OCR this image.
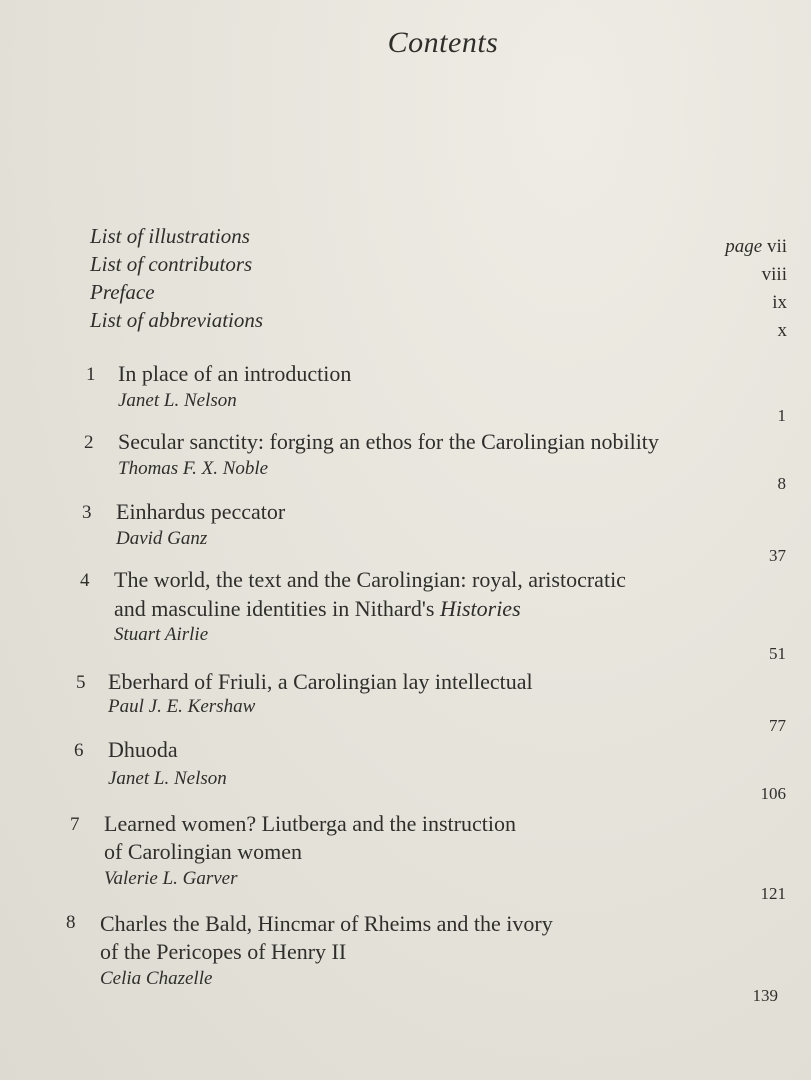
Contents
List of illustrations
List of contributors
Preface
List of abbreviations
page vii
viii
ix
x
1 In place of an introduction
Janet L. Nelson
1
2 Secular sanctity: forging an ethos for the Carolingian nobility
Thomas F. X. Noble
8
3 Einhardus peccator
David Ganz
37
4 The world, the text and the Carolingian: royal, aristocratic
and masculine identities in Nithard's Histories
Stuart Airlie
51
5 Eberhard of Friuli, a Carolingian lay intellectual
Paul J. E. Kershaw
77
6 Dhuoda
Janet L. Nelson
106
7 Learned women? Liutberga and the instruction
of Carolingian women
Valerie L. Garver
121
8 Charles the Bald, Hincmar of Rheims and the ivory
of the Pericopes of Henry II
Celia Chazelle
139
